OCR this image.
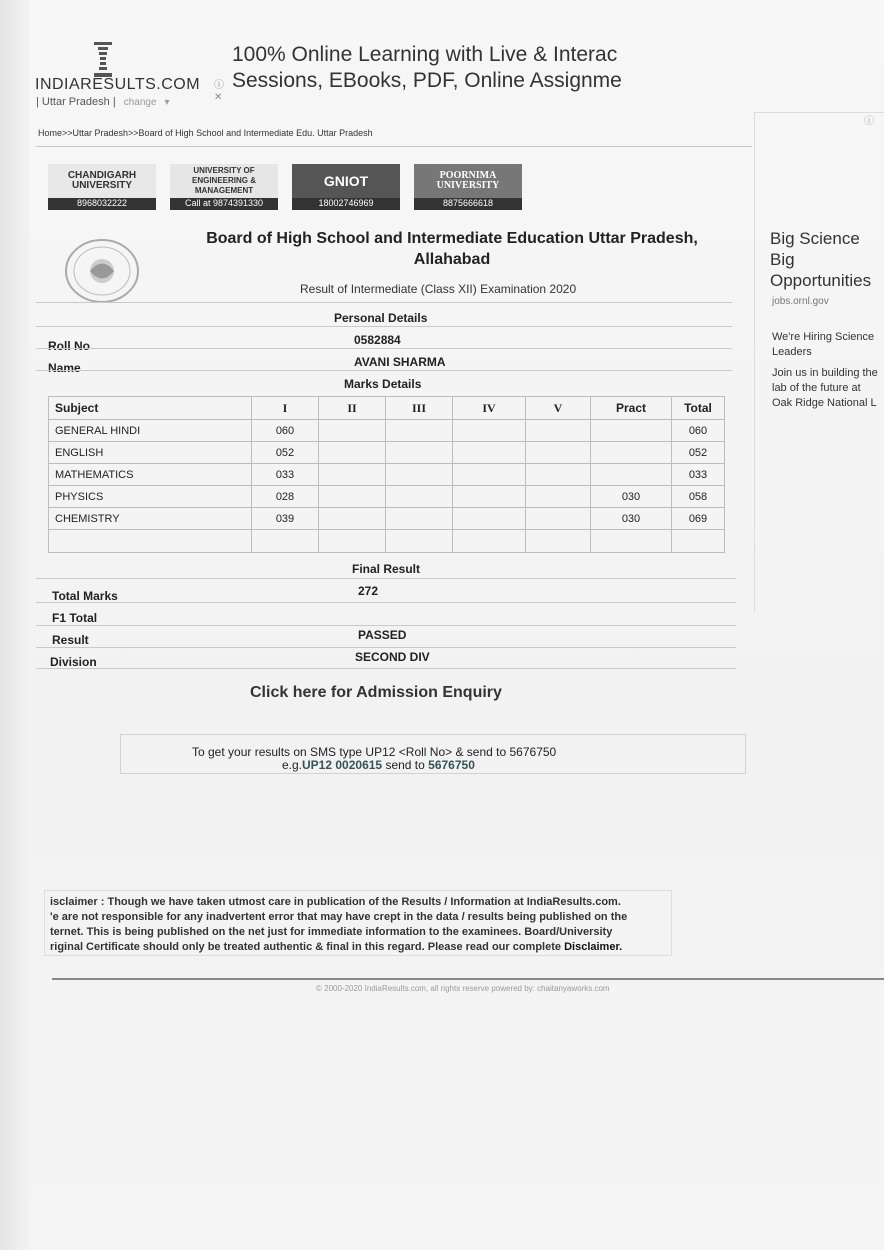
INDIARESULTS.COM
| Uttar Pradesh | change ▾
ⓘ
✕
100% Online Learning with Live & Interac
Sessions, EBooks, PDF, Online Assignme
Home>>Uttar Pradesh>>Board of High School and Intermediate Edu. Uttar Pradesh
CHANDIGARH UNIVERSITY
8968032222
UNIVERSITY OF ENGINEERING & MANAGEMENT
Call at 9874391330
GNIOT
18002746969
POORNIMA UNIVERSITY
8875666618
Board of High School and Intermediate Education Uttar Pradesh, Allahabad
Result of Intermediate (Class XII) Examination 2020
Personal Details
Roll No	0582884
Name	AVANI SHARMA
Marks Details
Subject	I	II	III	IV	V	Pract	Total
GENERAL HINDI	060						060
ENGLISH	052						052
MATHEMATICS	033						033
PHYSICS	028					030	058
CHEMISTRY	039					030	069

Final Result
Total Marks	272
F1 Total
Result	PASSED
Division	SECOND DIV
Click here for Admission Enquiry
To get your results on SMS type UP12 <Roll No> & send to 5676750
e.g.UP12 0020615 send to 5676750
isclaimer : Though we have taken utmost care in publication of the Results / Information at IndiaResults.com.
'e are not responsible for any inadvertent error that may have crept in the data / results being published on the
ternet. This is being published on the net just for immediate information to the examinees. Board/University
riginal Certificate should only be treated authentic & final in this regard. Please read our complete Disclaimer.
© 2000-2020 IndiaResults.com, all rights reserve powered by: chaitanyaworks.com
ⓘ
Big Science
Big
Opportunities
jobs.ornl.gov
We're Hiring Science Leaders
Join us in building the lab of the future at Oak Ridge National L
